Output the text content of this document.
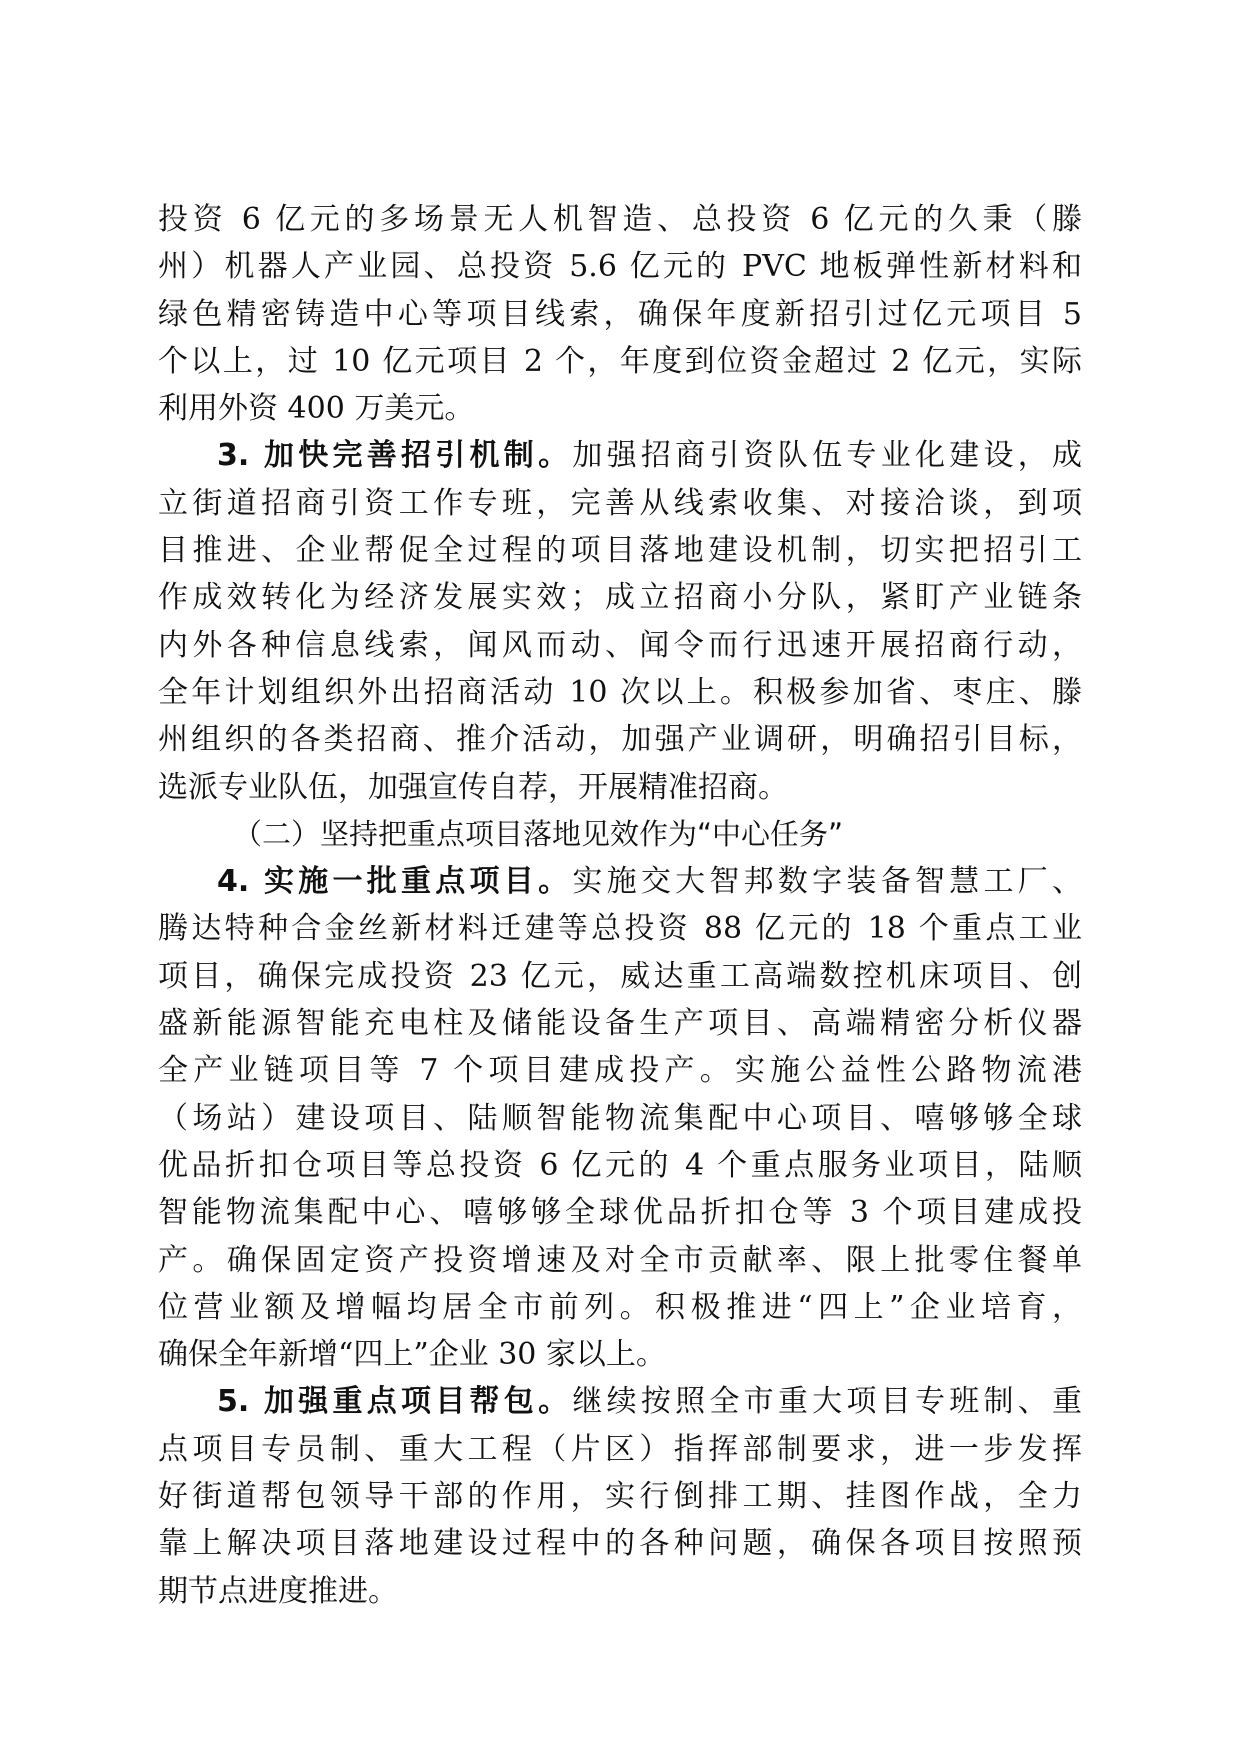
投资 6 亿元的多场景无人机智造、总投资 6 亿元的久秉（滕
州）机器人产业园、总投资 5.6 亿元的 PVC 地板弹性新材料和
绿色精密铸造中心等项目线索，确保年度新招引过亿元项目 5
个以上，过 10 亿元项目 2 个，年度到位资金超过 2 亿元，实际
利用外资 400 万美元。
3. 加快完善招引机制。加强招商引资队伍专业化建设，成
立街道招商引资工作专班，完善从线索收集、对接洽谈，到项
目推进、企业帮促全过程的项目落地建设机制，切实把招引工
作成效转化为经济发展实效；成立招商小分队，紧盯产业链条
内外各种信息线索，闻风而动、闻令而行迅速开展招商行动，
全年计划组织外出招商活动 10 次以上。积极参加省、枣庄、滕
州组织的各类招商、推介活动，加强产业调研，明确招引目标，
选派专业队伍，加强宣传自荐，开展精准招商。
（二）坚持把重点项目落地见效作为“中心任务”
4. 实施一批重点项目。实施交大智邦数字装备智慧工厂、
腾达特种合金丝新材料迁建等总投资 88 亿元的 18 个重点工业
项目，确保完成投资 23 亿元，威达重工高端数控机床项目、创
盛新能源智能充电柱及储能设备生产项目、高端精密分析仪器
全产业链项目等 7 个项目建成投产。实施公益性公路物流港
（场站）建设项目、陆顺智能物流集配中心项目、嘻够够全球
优品折扣仓项目等总投资 6 亿元的 4 个重点服务业项目，陆顺
智能物流集配中心、嘻够够全球优品折扣仓等 3 个项目建成投
产。确保固定资产投资增速及对全市贡献率、限上批零住餐单
位营业额及增幅均居全市前列。积极推进“四上”企业培育，
确保全年新增“四上”企业 30 家以上。
5. 加强重点项目帮包。继续按照全市重大项目专班制、重
点项目专员制、重大工程（片区）指挥部制要求，进一步发挥
好街道帮包领导干部的作用，实行倒排工期、挂图作战，全力
靠上解决项目落地建设过程中的各种问题，确保各项目按照预
期节点进度推进。
